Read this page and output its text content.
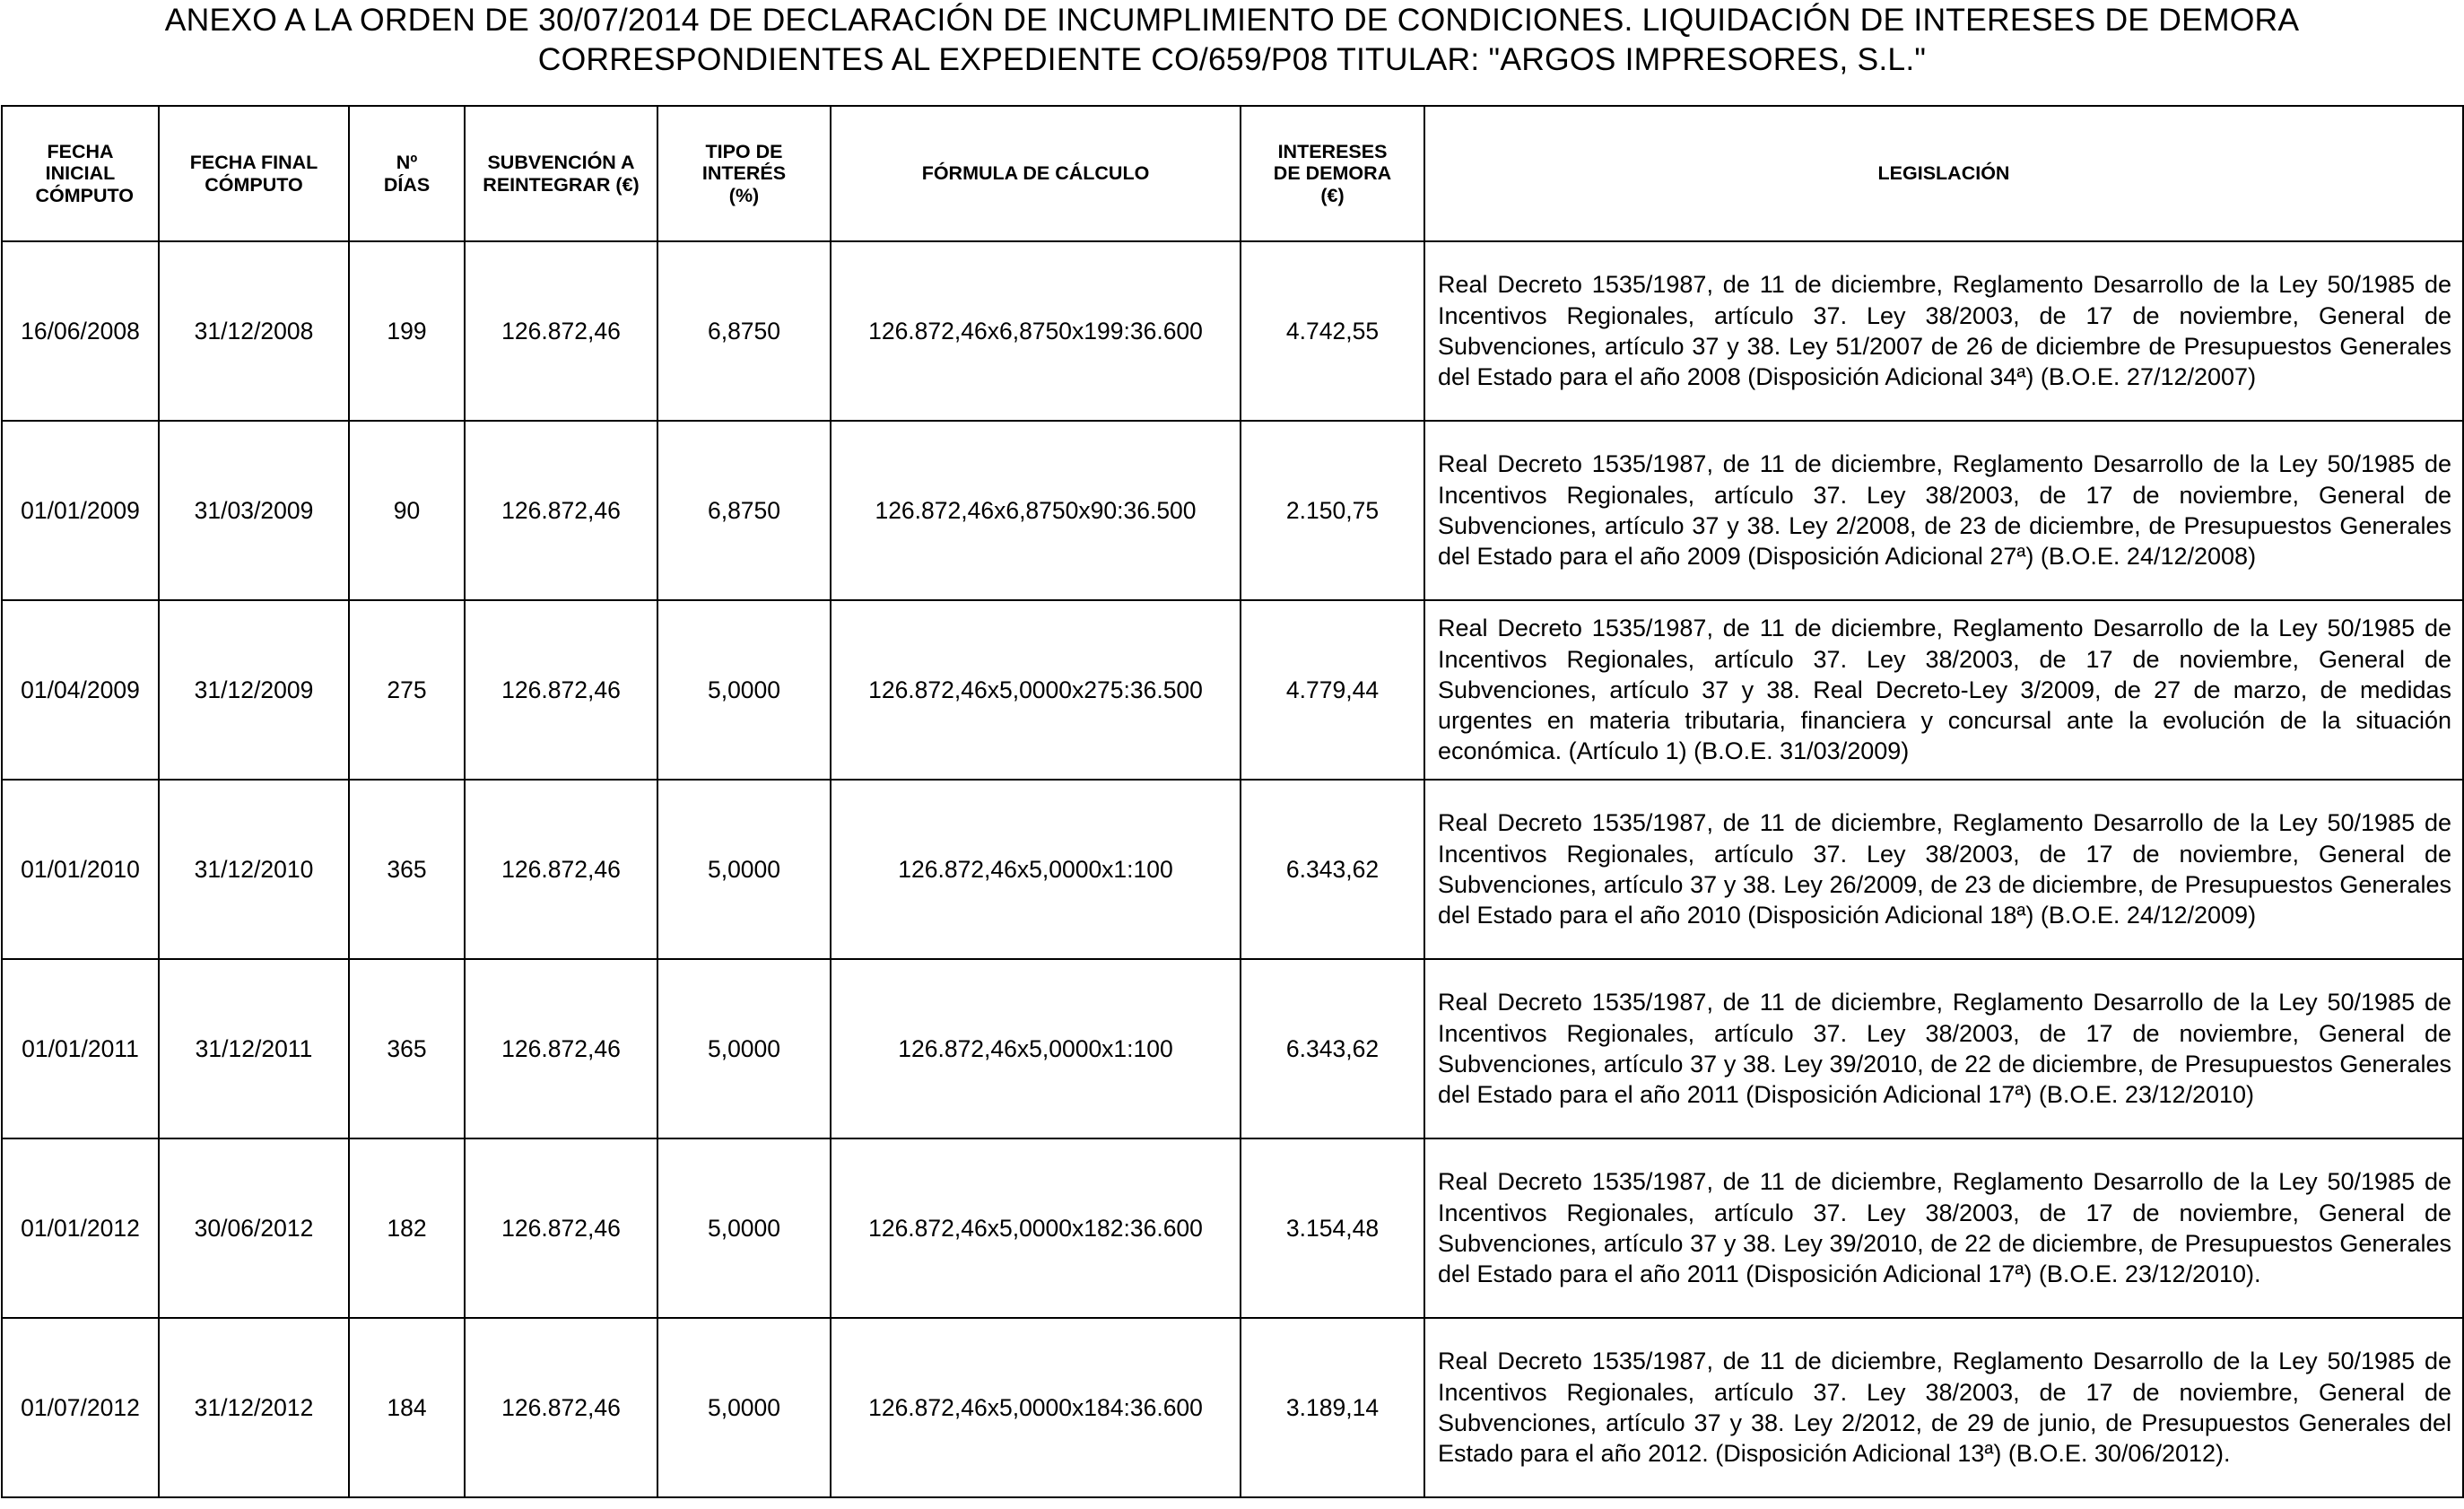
ANEXO A LA ORDEN DE 30/07/2014 DE DECLARACIÓN DE INCUMPLIMIENTO DE CONDICIONES. LIQUIDACIÓN DE INTERESES DE DEMORA
CORRESPONDIENTES AL EXPEDIENTE CO/659/P08 TITULAR: "ARGOS IMPRESORES, S.L."
FECHA INICIAL CÓMPUTO	FECHA FINAL CÓMPUTO	Nº DÍAS	SUBVENCIÓN A REINTEGRAR (€)	TIPO DE INTERÉS (%)	FÓRMULA DE CÁLCULO	INTERESES DE DEMORA (€)	LEGISLACIÓN
16/06/2008	31/12/2008	199	126.872,46	6,8750	126.872,46x6,8750x199:36.600	4.742,55	Real Decreto 1535/1987, de 11 de diciembre, Reglamento Desarrollo de la Ley 50/1985 de Incentivos Regionales, artículo 37. Ley 38/2003, de 17 de noviembre, General de Subvenciones, artículo 37 y 38. Ley 51/2007 de 26 de diciembre de Presupuestos Generales del Estado para el año 2008 (Disposición Adicional 34ª) (B.O.E. 27/12/2007)

01/01/2009	31/03/2009	90	126.872,46	6,8750	126.872,46x6,8750x90:36.500	2.150,75	Real Decreto 1535/1987, de 11 de diciembre, Reglamento Desarrollo de la Ley 50/1985 de Incentivos Regionales, artículo 37. Ley 38/2003, de 17 de noviembre, General de Subvenciones, artículo 37 y 38. Ley 2/2008, de 23 de diciembre, de Presupuestos Generales del Estado para el año 2009 (Disposición Adicional 27ª) (B.O.E. 24/12/2008)

01/04/2009	31/12/2009	275	126.872,46	5,0000	126.872,46x5,0000x275:36.500	4.779,44	Real Decreto 1535/1987, de 11 de diciembre, Reglamento Desarrollo de la Ley 50/1985 de Incentivos Regionales, artículo 37. Ley 38/2003, de 17 de noviembre, General de Subvenciones, artículo 37 y 38. Real Decreto-Ley 3/2009, de 27 de marzo, de medidas urgentes en materia tributaria, financiera y concursal ante la evolución de la situación económica. (Artículo 1) (B.O.E. 31/03/2009)

01/01/2010	31/12/2010	365	126.872,46	5,0000	126.872,46x5,0000x1:100	6.343,62	Real Decreto 1535/1987, de 11 de diciembre, Reglamento Desarrollo de la Ley 50/1985 de Incentivos Regionales, artículo 37. Ley 38/2003, de 17 de noviembre, General de Subvenciones, artículo 37 y 38. Ley 26/2009, de 23 de diciembre, de Presupuestos Generales del Estado para el año 2010 (Disposición Adicional 18ª) (B.O.E. 24/12/2009)

01/01/2011	31/12/2011	365	126.872,46	5,0000	126.872,46x5,0000x1:100	6.343,62	Real Decreto 1535/1987, de 11 de diciembre, Reglamento Desarrollo de la Ley 50/1985 de Incentivos Regionales, artículo 37. Ley 38/2003, de 17 de noviembre, General de Subvenciones, artículo 37 y 38. Ley 39/2010, de 22 de diciembre, de Presupuestos Generales del Estado para el año 2011 (Disposición Adicional 17ª) (B.O.E. 23/12/2010)

01/01/2012	30/06/2012	182	126.872,46	5,0000	126.872,46x5,0000x182:36.600	3.154,48	Real Decreto 1535/1987, de 11 de diciembre, Reglamento Desarrollo de la Ley 50/1985 de Incentivos Regionales, artículo 37. Ley 38/2003, de 17 de noviembre, General de Subvenciones, artículo 37 y 38. Ley 39/2010, de 22 de diciembre, de Presupuestos Generales del Estado para el año 2011 (Disposición Adicional 17ª) (B.O.E. 23/12/2010).

01/07/2012	31/12/2012	184	126.872,46	5,0000	126.872,46x5,0000x184:36.600	3.189,14	Real Decreto 1535/1987, de 11 de diciembre, Reglamento Desarrollo de la Ley 50/1985 de Incentivos Regionales, artículo 37. Ley 38/2003, de 17 de noviembre, General de Subvenciones, artículo 37 y 38. Ley 2/2012, de 29 de junio, de Presupuestos Generales del Estado para el año 2012. (Disposición Adicional 13ª) (B.O.E. 30/06/2012).
